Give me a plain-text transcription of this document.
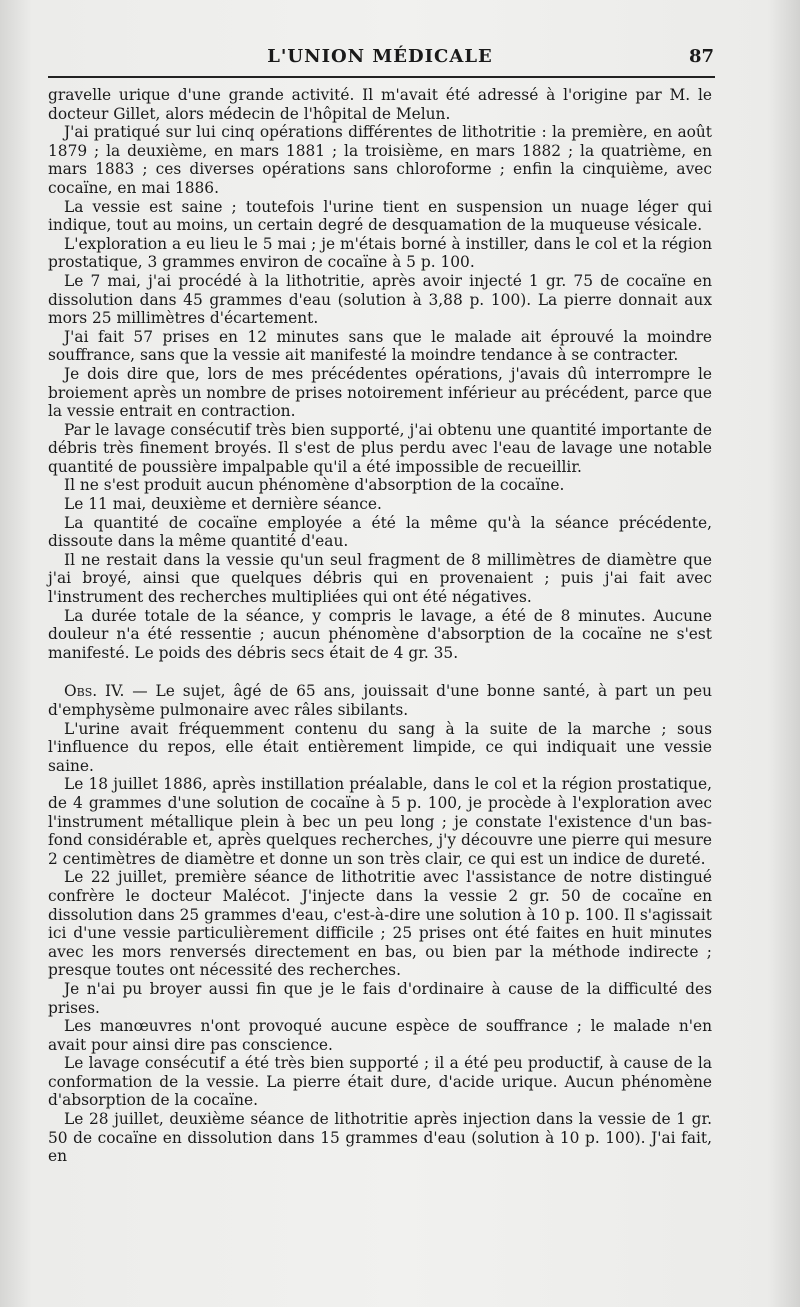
L'UNION MÉDICALE	87

gravelle urique d'une grande activité. Il m'avait été adressé à l'origine par M. le docteur Gillet, alors médecin de l'hôpital de Melun.

J'ai pratiqué sur lui cinq opérations différentes de lithotritie : la première, en août 1879 ; la deuxième, en mars 1881 ; la troisième, en mars 1882 ; la quatrième, en mars 1883 ; ces diverses opérations sans chloroforme ; enfin la cinquième, avec cocaïne, en mai 1886.

La vessie est saine ; toutefois l'urine tient en suspension un nuage léger qui indique, tout au moins, un certain degré de desquamation de la muqueuse vésicale.

L'exploration a eu lieu le 5 mai ; je m'étais borné à instiller, dans le col et la région prostatique, 3 grammes environ de cocaïne à 5 p. 100.

Le 7 mai, j'ai procédé à la lithotritie, après avoir injecté 1 gr. 75 de cocaïne en dissolution dans 45 grammes d'eau (solution à 3,88 p. 100). La pierre donnait aux mors 25 millimètres d'écartement.

J'ai fait 57 prises en 12 minutes sans que le malade ait éprouvé la moindre souffrance, sans que la vessie ait manifesté la moindre tendance à se contracter.

Je dois dire que, lors de mes précédentes opérations, j'avais dû interrompre le broiement après un nombre de prises notoirement inférieur au précédent, parce que la vessie entrait en contraction.

Par le lavage consécutif très bien supporté, j'ai obtenu une quantité importante de débris très finement broyés. Il s'est de plus perdu avec l'eau de lavage une notable quantité de poussière impalpable qu'il a été impossible de recueillir.

Il ne s'est produit aucun phénomène d'absorption de la cocaïne.

Le 11 mai, deuxième et dernière séance.

La quantité de cocaïne employée a été la même qu'à la séance précédente, dissoute dans la même quantité d'eau.

Il ne restait dans la vessie qu'un seul fragment de 8 millimètres de diamètre que j'ai broyé, ainsi que quelques débris qui en provenaient ; puis j'ai fait avec l'instrument des recherches multipliées qui ont été négatives.

La durée totale de la séance, y compris le lavage, a été de 8 minutes. Aucune douleur n'a été ressentie ; aucun phénomène d'absorption de la cocaïne ne s'est manifesté. Le poids des débris secs était de 4 gr. 35.

Obs. IV. — Le sujet, âgé de 65 ans, jouissait d'une bonne santé, à part un peu d'emphysème pulmonaire avec râles sibilants.

L'urine avait fréquemment contenu du sang à la suite de la marche ; sous l'influence du repos, elle était entièrement limpide, ce qui indiquait une vessie saine.

Le 18 juillet 1886, après instillation préalable, dans le col et la région prostatique, de 4 grammes d'une solution de cocaïne à 5 p. 100, je procède à l'exploration avec l'instrument métallique plein à bec un peu long ; je constate l'existence d'un bas-fond considérable et, après quelques recherches, j'y découvre une pierre qui mesure 2 centimètres de diamètre et donne un son très clair, ce qui est un indice de dureté.

Le 22 juillet, première séance de lithotritie avec l'assistance de notre distingué confrère le docteur Malécot. J'injecte dans la vessie 2 gr. 50 de cocaïne en dissolution dans 25 grammes d'eau, c'est-à-dire une solution à 10 p. 100. Il s'agissait ici d'une vessie particulièrement difficile ; 25 prises ont été faites en huit minutes avec les mors renversés directement en bas, ou bien par la méthode indirecte ; presque toutes ont nécessité des recherches.

Je n'ai pu broyer aussi fin que je le fais d'ordinaire à cause de la difficulté des prises.

Les manœuvres n'ont provoqué aucune espèce de souffrance ; le malade n'en avait pour ainsi dire pas conscience.

Le lavage consécutif a été très bien supporté ; il a été peu productif, à cause de la conformation de la vessie. La pierre était dure, d'acide urique. Aucun phénomène d'absorption de la cocaïne.

Le 28 juillet, deuxième séance de lithotritie après injection dans la vessie de 1 gr. 50 de cocaïne en dissolution dans 15 grammes d'eau (solution à 10 p. 100). J'ai fait, en
